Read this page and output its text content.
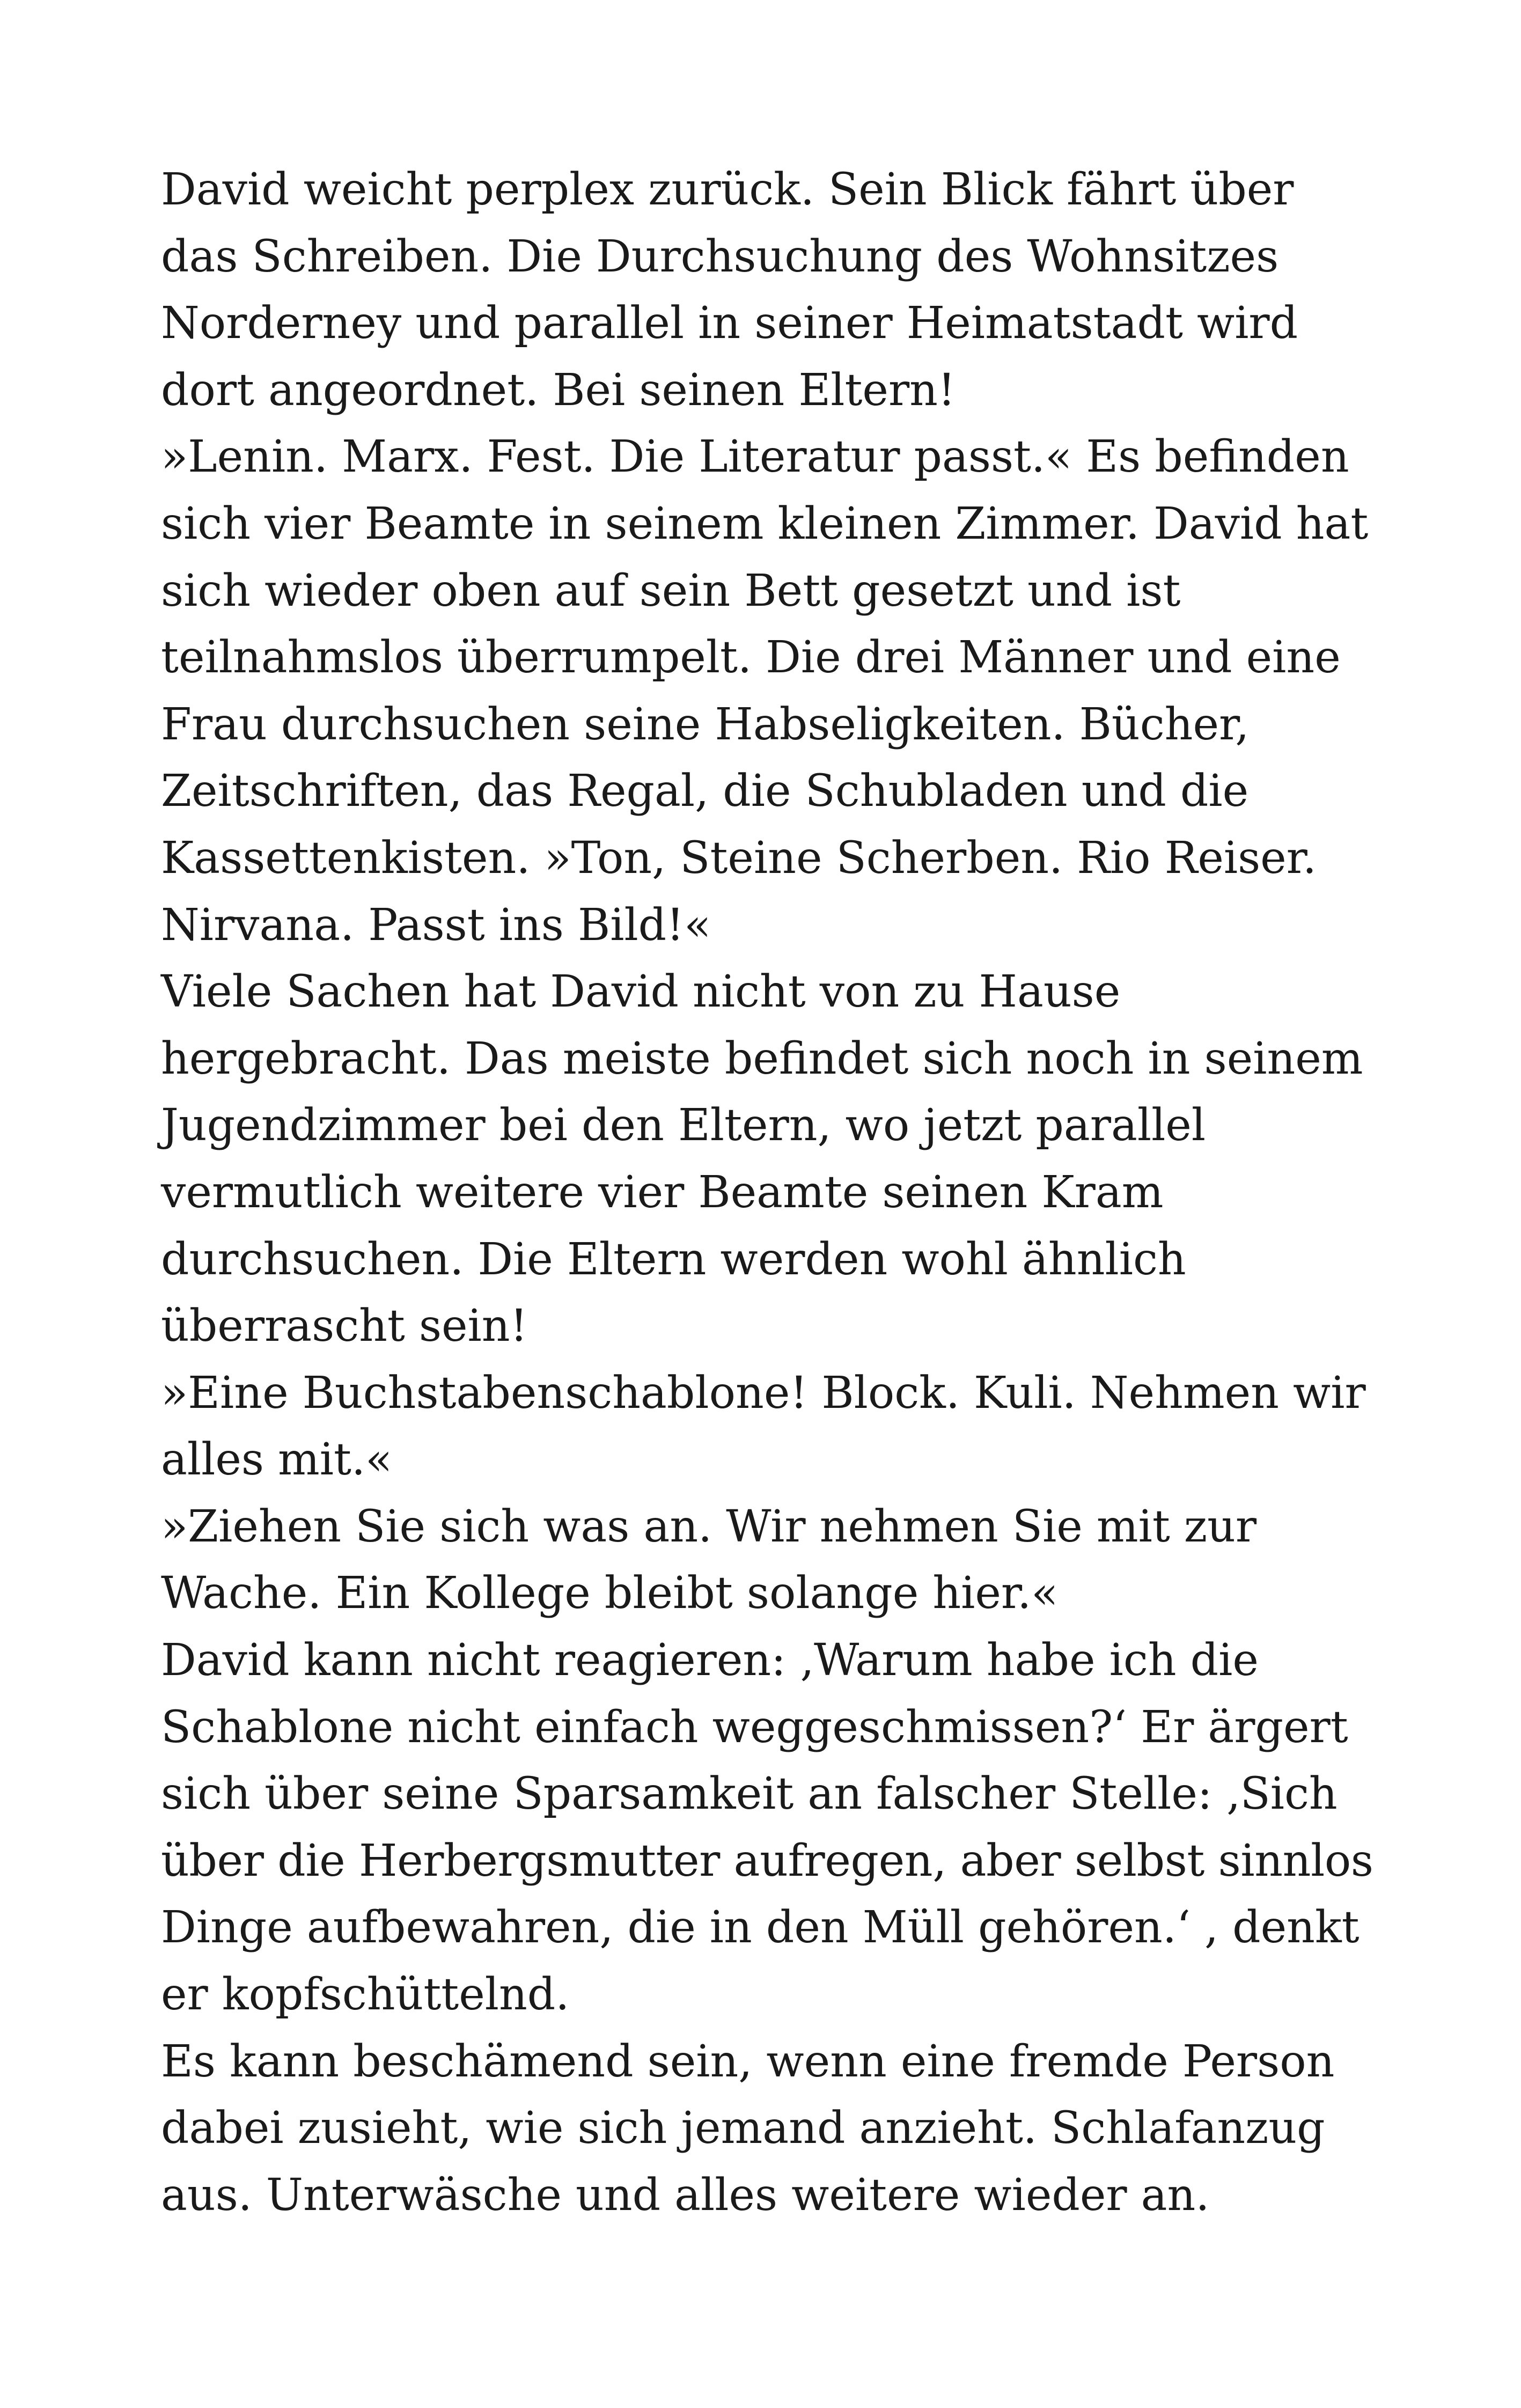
David weicht perplex zurück. Sein Blick fährt über
das Schreiben. Die Durchsuchung des Wohnsitzes
Norderney und parallel in seiner Heimatstadt wird
dort angeordnet. Bei seinen Eltern!
»Lenin. Marx. Fest. Die Literatur passt.« Es befinden
sich vier Beamte in seinem kleinen Zimmer. David hat
sich wieder oben auf sein Bett gesetzt und ist
teilnahmslos überrumpelt. Die drei Männer und eine
Frau durchsuchen seine Habseligkeiten. Bücher,
Zeitschriften, das Regal, die Schubladen und die
Kassettenkisten. »Ton, Steine Scherben. Rio Reiser.
Nirvana. Passt ins Bild!«
Viele Sachen hat David nicht von zu Hause
hergebracht. Das meiste befindet sich noch in seinem
Jugendzimmer bei den Eltern, wo jetzt parallel
vermutlich weitere vier Beamte seinen Kram
durchsuchen. Die Eltern werden wohl ähnlich
überrascht sein!
»Eine Buchstabenschablone! Block. Kuli. Nehmen wir
alles mit.«
»Ziehen Sie sich was an. Wir nehmen Sie mit zur
Wache. Ein Kollege bleibt solange hier.«
David kann nicht reagieren: ‚Warum habe ich die
Schablone nicht einfach weggeschmissen?‘ Er ärgert
sich über seine Sparsamkeit an falscher Stelle: ‚Sich
über die Herbergsmutter aufregen, aber selbst sinnlos
Dinge aufbewahren, die in den Müll gehören.‘ , denkt
er kopfschüttelnd.
Es kann beschämend sein, wenn eine fremde Person
dabei zusieht, wie sich jemand anzieht. Schlafanzug
aus. Unterwäsche und alles weitere wieder an.
